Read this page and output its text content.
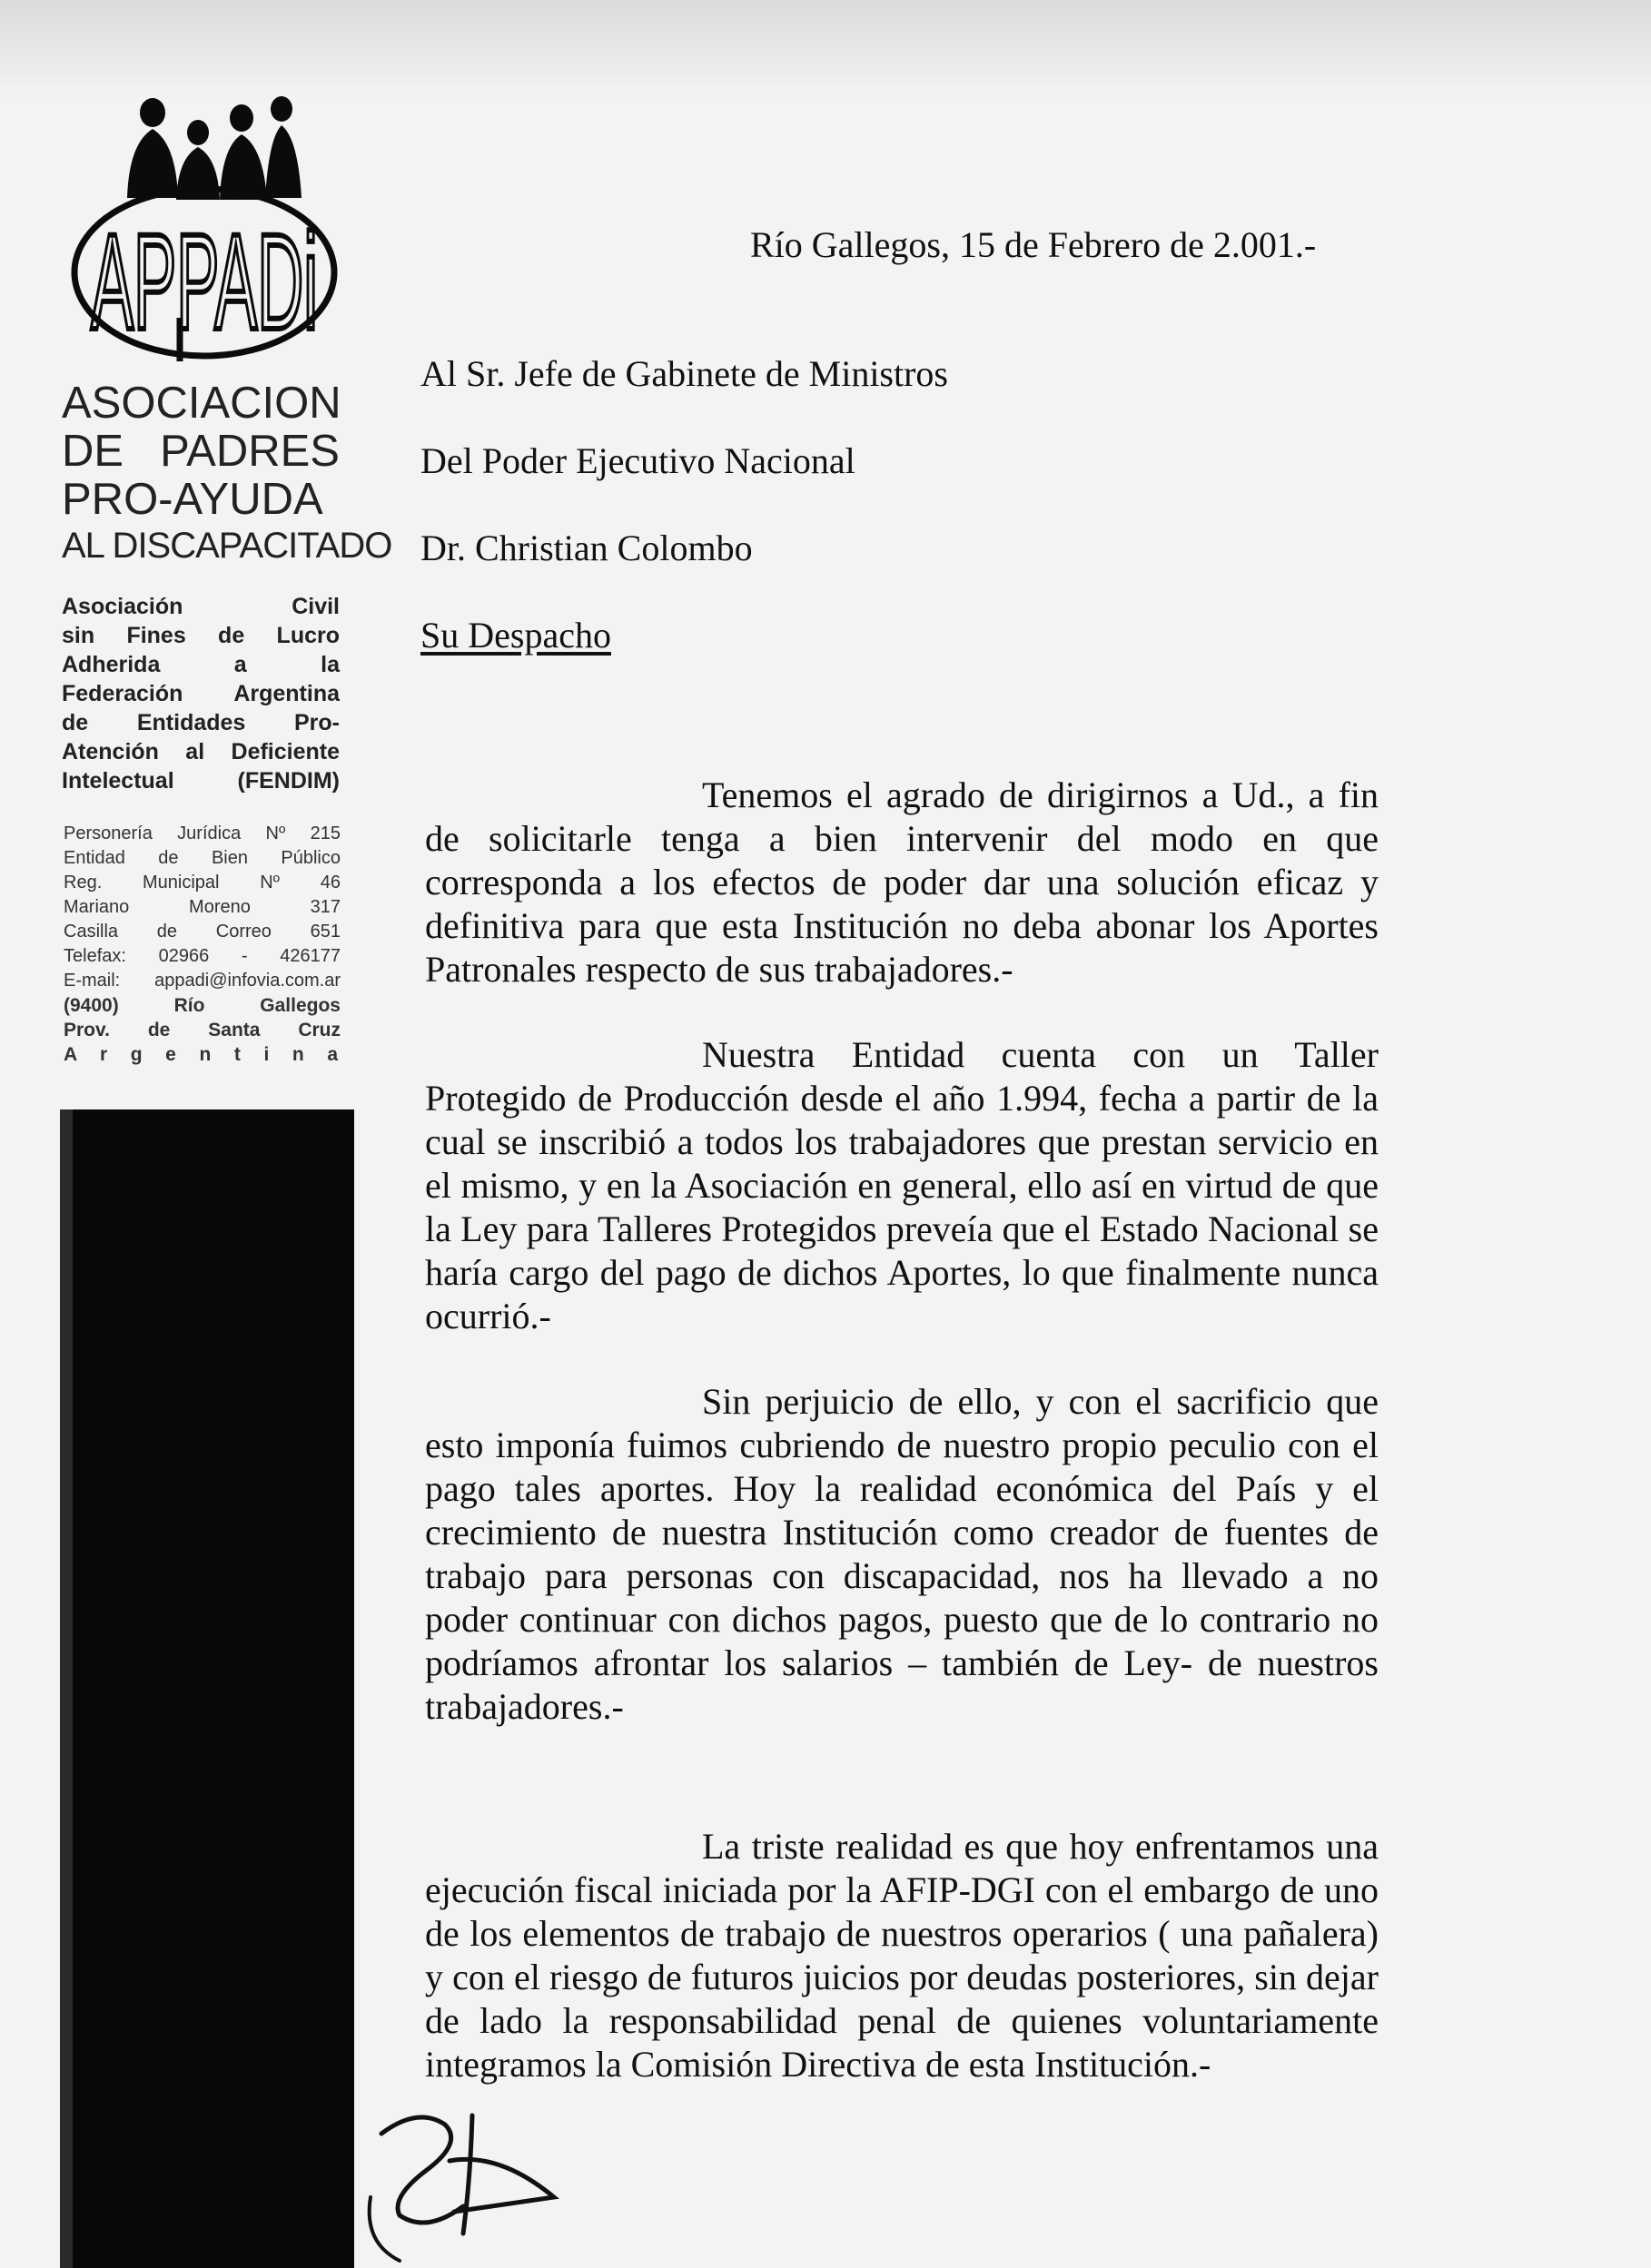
APPADi
ASOCIACION
DE PADRES
PRO-AYUDA
AL DISCAPACITADO
Asociación Civil
sin Fines de Lucro
Adherida a la
Federación Argentina
de Entidades Pro-
Atención al Deficiente
Intelectual (FENDIM)
Personería Jurídica Nº 215
Entidad de Bien Público
Reg. Municipal Nº 46
Mariano Moreno 317
Casilla de Correo 651
Telefax: 02966 - 426177
E-mail: appadi@infovia.com.ar
(9400) Río Gallegos
Prov. de Santa Cruz
A r g e n t i n a
Río Gallegos, 15 de Febrero de 2.001.-
Al Sr. Jefe de Gabinete de Ministros
Del Poder Ejecutivo Nacional
Dr. Christian Colombo
Su Despacho

Tenemos el agrado de dirigirnos a Ud., a fin de solicitarle tenga a bien intervenir del modo en que corresponda a los efectos de poder dar una solución eficaz y definitiva para que esta Institución no deba abonar los Aportes Patronales respecto de sus trabajadores.-

Nuestra Entidad cuenta con un Taller Protegido de Producción desde el año 1.994, fecha a partir de la cual se inscribió a todos los trabajadores que prestan servicio en el mismo, y en la Asociación en general, ello así en virtud de que la Ley para Talleres Protegidos preveía que el Estado Nacional se haría cargo del pago de dichos Aportes, lo que finalmente nunca ocurrió.-

Sin perjuicio de ello, y con el sacrificio que esto imponía fuimos cubriendo de nuestro propio peculio con el pago tales aportes. Hoy la realidad económica del País y el crecimiento de nuestra Institución como creador de fuentes de trabajo para personas con discapacidad, nos ha llevado a no poder continuar con dichos pagos, puesto que de lo contrario no podríamos afrontar los salarios – también de Ley- de nuestros trabajadores.-

La triste realidad es que hoy enfrentamos una ejecución fiscal iniciada por la AFIP-DGI con el embargo de uno de los elementos de trabajo de nuestros operarios ( una pañalera) y con el riesgo de futuros juicios por deudas posteriores, sin dejar de lado la responsabilidad penal de quienes voluntariamente integramos la Comisión Directiva de esta Institución.-
